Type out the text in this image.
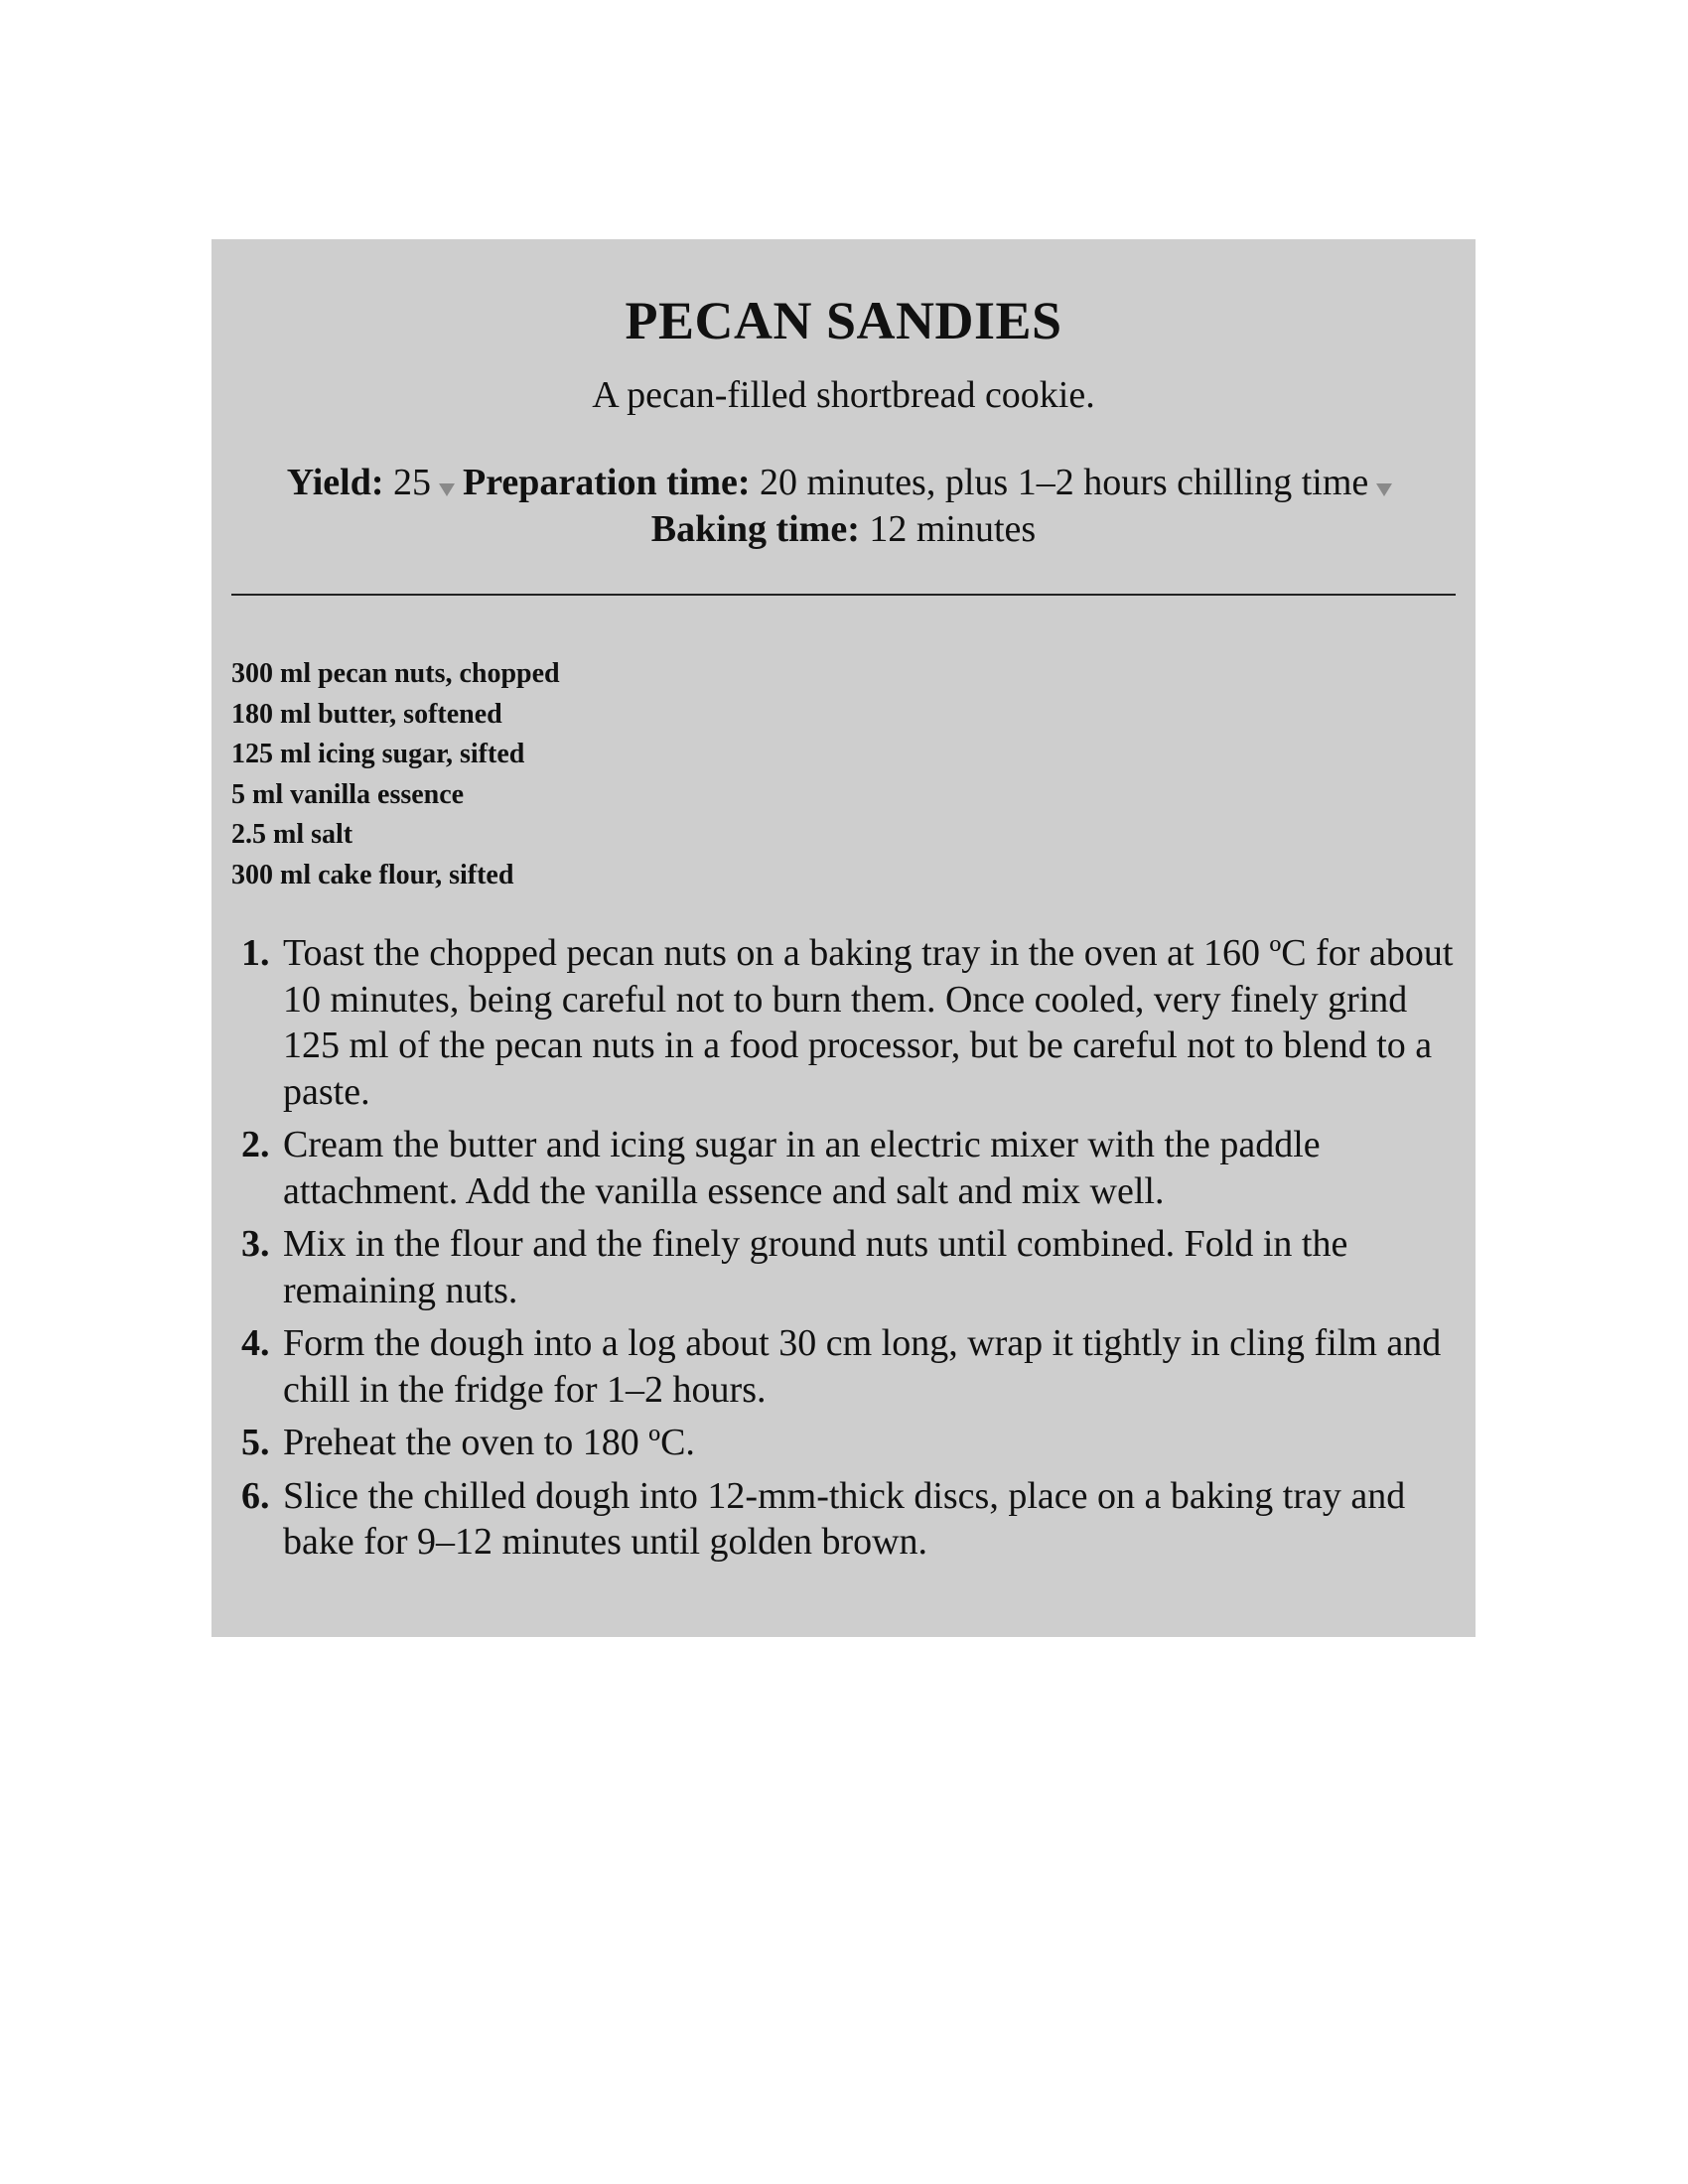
PECAN SANDIES

A pecan-filled shortbread cookie.

Yield: 25 Preparation time: 20 minutes, plus 1–2 hours chilling time
Baking time: 12 minutes
300 ml pecan nuts, chopped
180 ml butter, softened
125 ml icing sugar, sifted
5 ml vanilla essence
2.5 ml salt
300 ml cake flour, sifted
1. Toast the chopped pecan nuts on a baking tray in the oven at 160 ºC for about 10 minutes, being careful not to burn them. Once cooled, very finely grind 125 ml of the pecan nuts in a food processor, but be careful not to blend to a paste.
2. Cream the butter and icing sugar in an electric mixer with the paddle attachment. Add the vanilla essence and salt and mix well.
3. Mix in the flour and the finely ground nuts until combined. Fold in the remaining nuts.
4. Form the dough into a log about 30 cm long, wrap it tightly in cling film and chill in the fridge for 1–2 hours.
5. Preheat the oven to 180 ºC.
6. Slice the chilled dough into 12-mm-thick discs, place on a baking tray and bake for 9–12 minutes until golden brown.
